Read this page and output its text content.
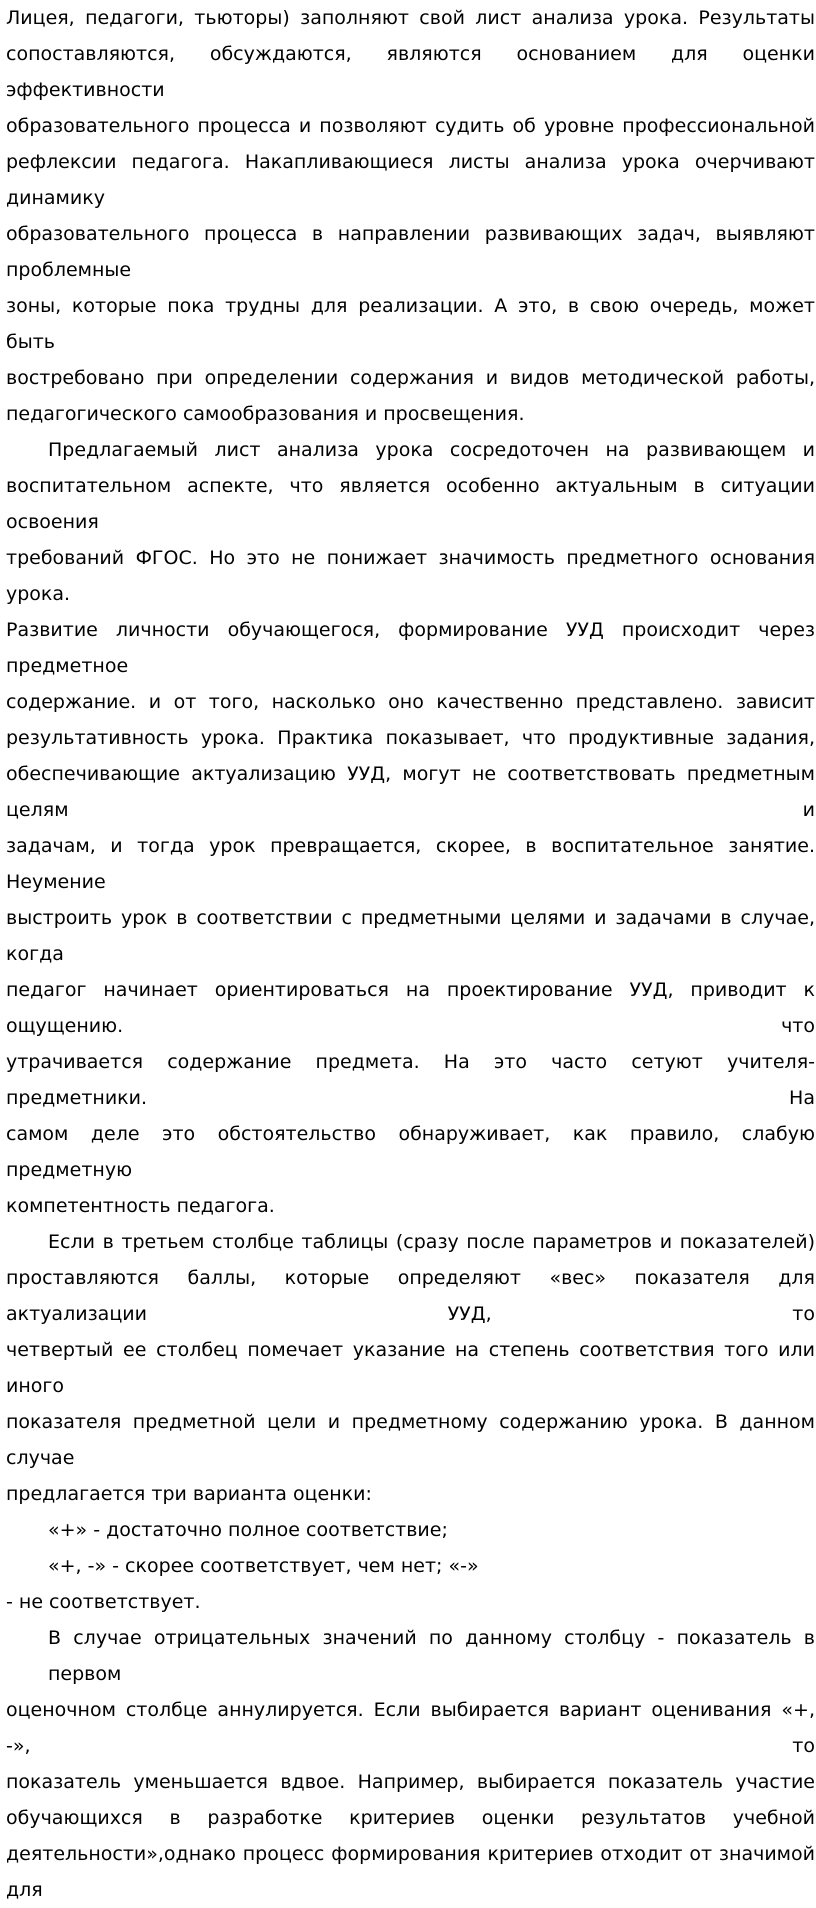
Лицея, педагоги, тьюторы) заполняют свой лист анализа урока. Результаты
сопоставляются, обсуждаются, являются основанием для оценки эффективности
образовательного процесса и позволяют судить об уровне профессиональной
рефлексии педагога. Накапливающиеся листы анализа урока очерчивают динамику
образовательного процесса в направлении развивающих задач, выявляют проблемные
зоны, которые пока трудны для реализации. А это, в свою очередь, может быть
востребовано при определении содержания и видов методической работы,
педагогического самообразования и просвещения.

Предлагаемый лист анализа урока сосредоточен на развивающем и
воспитательном аспекте, что является особенно актуальным в ситуации освоения
требований ФГОС. Но это не понижает значимость предметного основания урока.
Развитие личности обучающегося, формирование УУД происходит через предметное
содержание. и от того, насколько оно качественно представлено. зависит
результативность урока. Практика показывает, что продуктивные задания,
обеспечивающие актуализацию УУД, могут не соответствовать предметным целям и
задачам, и тогда урок превращается, скорее, в воспитательное занятие. Неумение
выстроить урок в соответствии с предметными целями и задачами в случае, когда
педагог начинает ориентироваться на проектирование УУД, приводит к ощущению. что
утрачивается содержание предмета. На это часто сетуют учителя-предметники. На
самом деле это обстоятельство обнаруживает, как правило, слабую предметную
компетентность педагога.

Если в третьем столбце таблицы (сразу после параметров и показателей)
проставляются баллы, которые определяют «вес» показателя для актуализации УУД, то
четвертый ее столбец помечает указание на степень соответствия того или иного
показателя предметной цели и предметному содержанию урока. В данном случае
предлагается три варианта оценки:

«+» - достаточно полное соответствие;
«+, -» - скорее соответствует, чем нет; «-»
- не соответствует.

В случае отрицательных значений по данному столбцу - показатель в первом
оценочном столбце аннулируется. Если выбирается вариант оценивания «+, -», то
показатель уменьшается вдвое. Например, выбирается показатель участие
обучающихся в разработке критериев оценки результатов учебной
деятельности»,однако процесс формирования критериев отходит от значимой для
